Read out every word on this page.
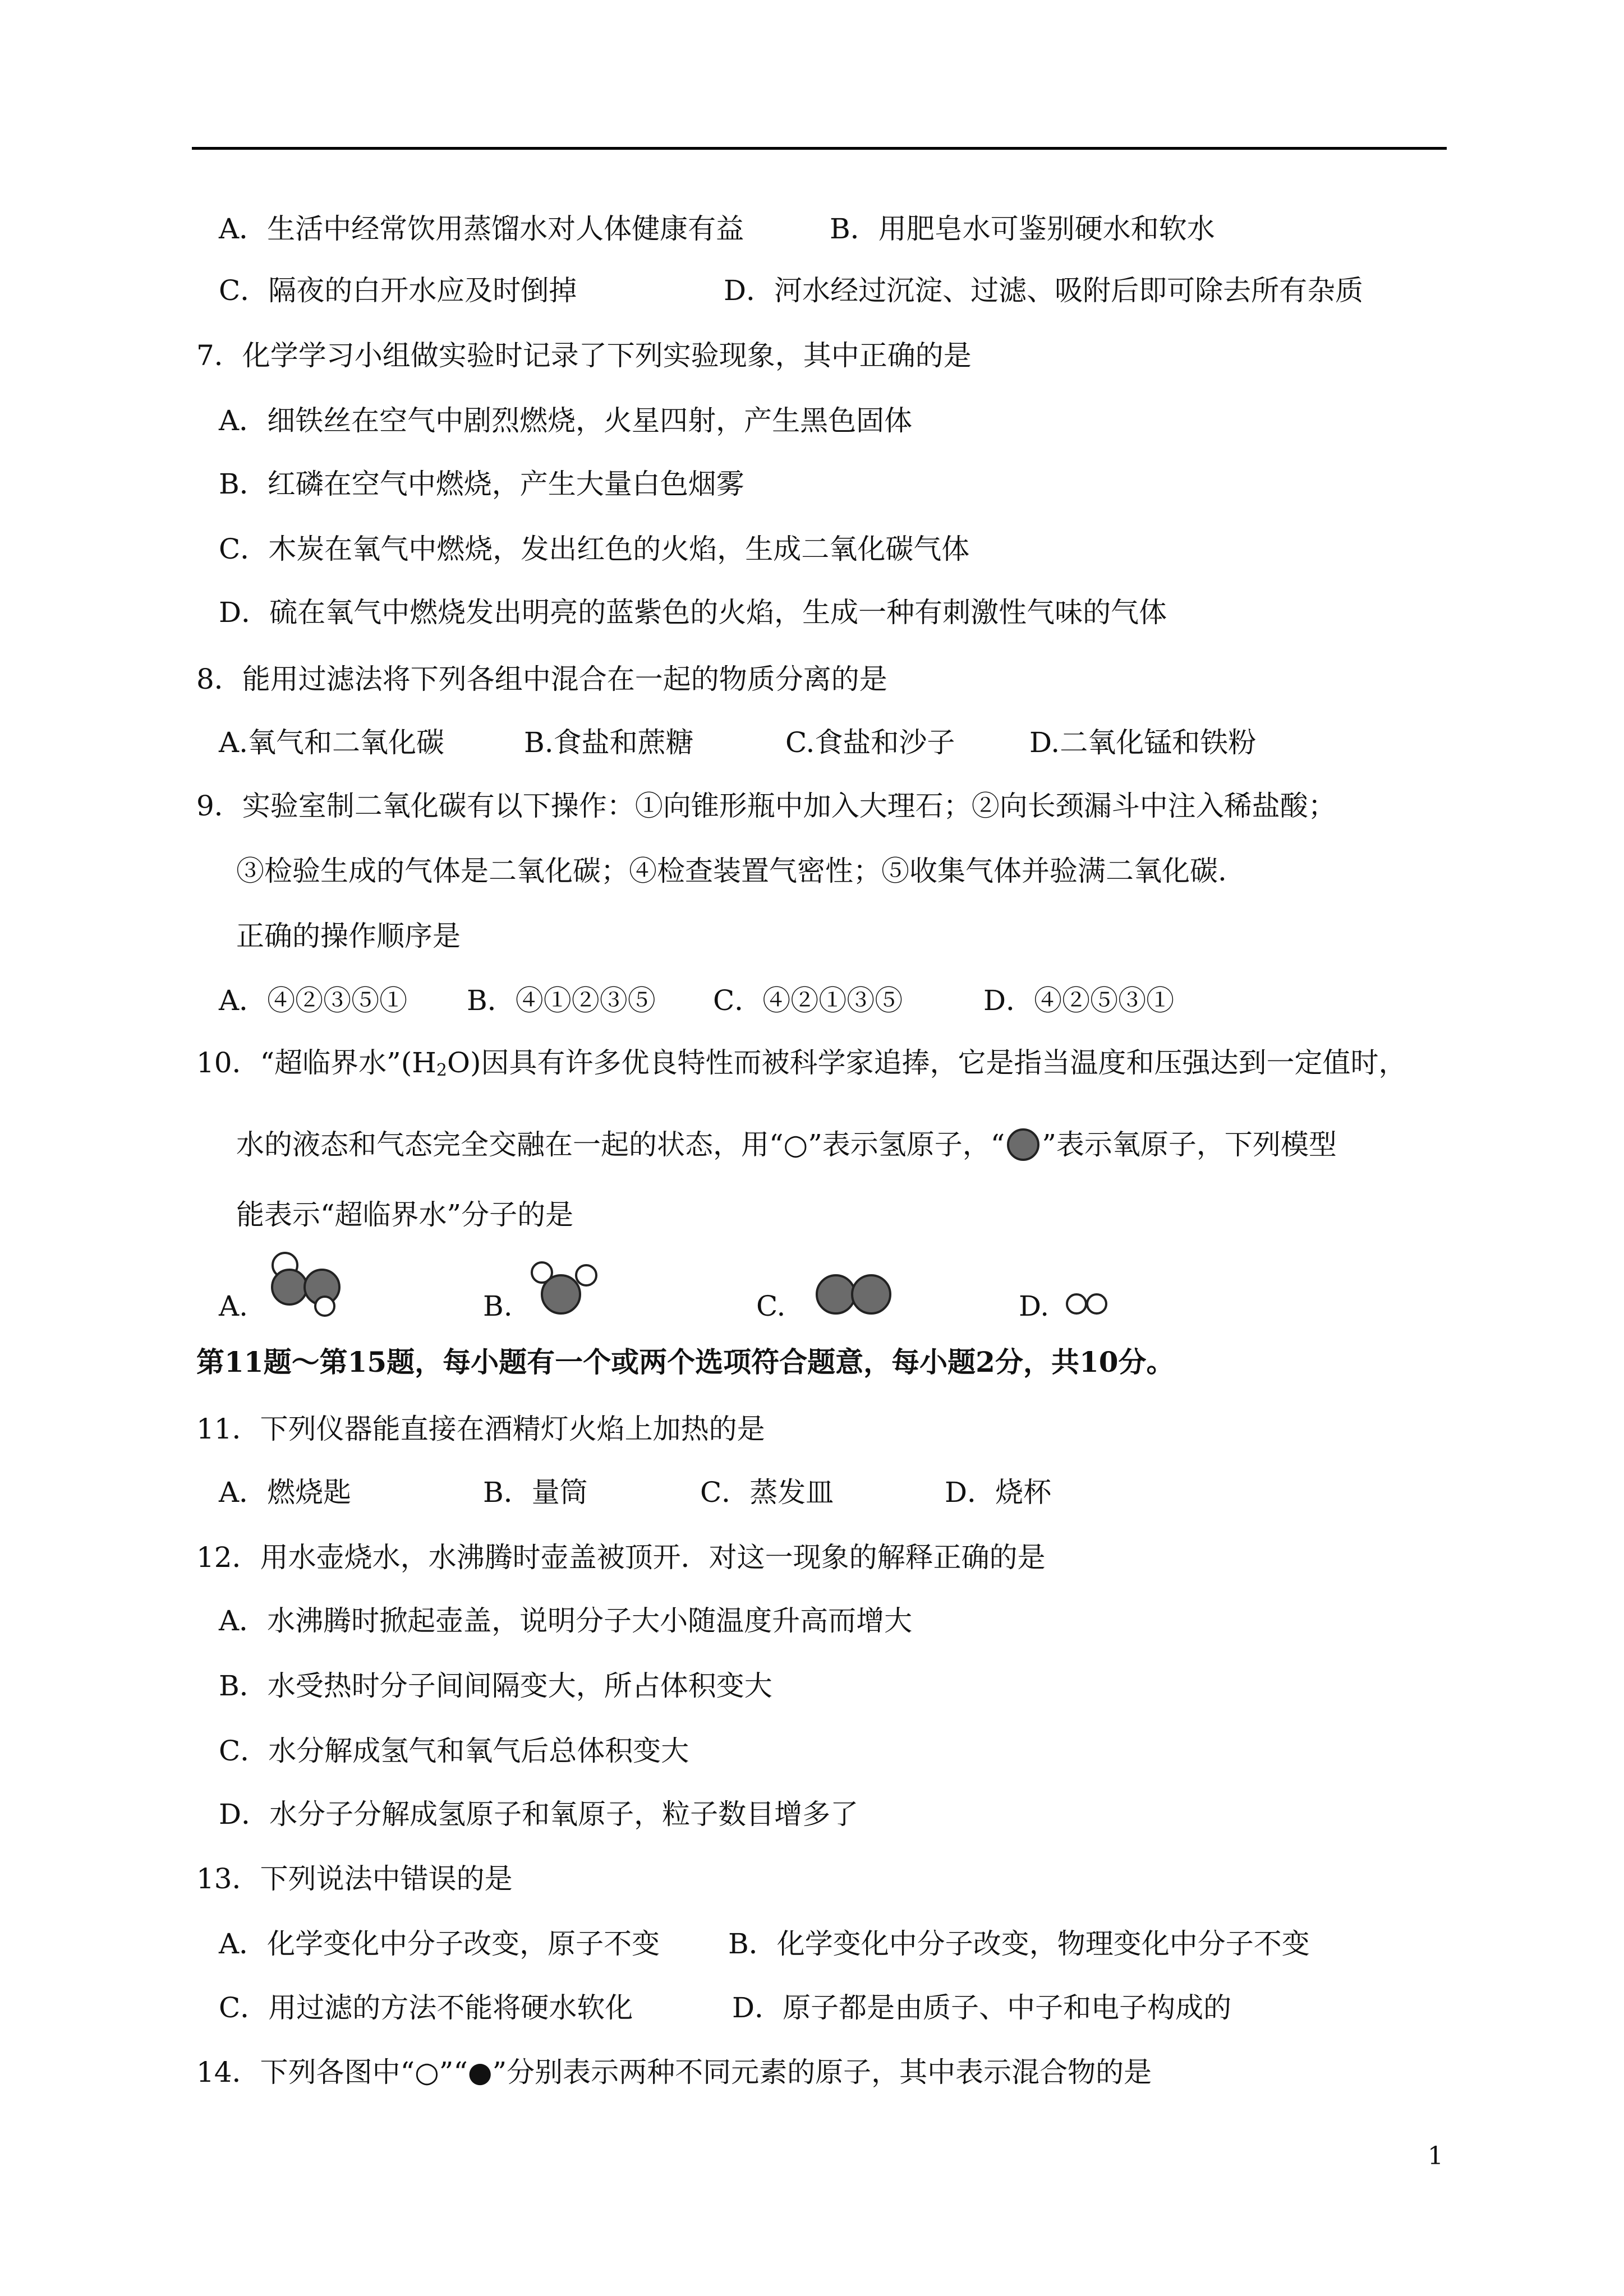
A．生活中经常饮用蒸馏水对人体健康有益	B．用肥皂水可鉴别硬水和软水
C．隔夜的白开水应及时倒掉	D．河水经过沉淀、过滤、吸附后即可除去所有杂质
7．化学学习小组做实验时记录了下列实验现象，其中正确的是
A．细铁丝在空气中剧烈燃烧，火星四射，产生黑色固体
B．红磷在空气中燃烧，产生大量白色烟雾
C．木炭在氧气中燃烧，发出红色的火焰，生成二氧化碳气体
D．硫在氧气中燃烧发出明亮的蓝紫色的火焰，生成一种有刺激性气味的气体
8．能用过滤法将下列各组中混合在一起的物质分离的是
A.氧气和二氧化碳	B.食盐和蔗糖	C.食盐和沙子	D.二氧化锰和铁粉
9．实验室制二氧化碳有以下操作：①向锥形瓶中加入大理石；②向长颈漏斗中注入稀盐酸；
③检验生成的气体是二氧化碳；④检查装置气密性；⑤收集气体并验满二氧化碳.
正确的操作顺序是
A．④②③⑤① B．④①②③⑤ C．④②①③⑤	D．④②⑤③①
10．“超临界水$”(H_2O)$因具有许多优良特性而被科学家追捧，它是指当温度和压强达到一定值时，
水的液态和气态完全交融在一起的状态，用“○”表示氢原子，“ ”表示氧原子，下列模型
能表示“超临界水”分子的是
A.	B.	C.	D.
第11题～第15题，每小题有一个或两个选项符合题意，每小题2分，共10分。
11．下列仪器能直接在酒精灯火焰上加热的是
A．燃烧匙	B．量筒	C．蒸发皿	D．烧杯
12．用水壶烧水，水沸腾时壶盖被顶开．对这一现象的解释正确的是
A．水沸腾时掀起壶盖，说明分子大小随温度升高而增大
B．水受热时分子间间隔变大，所占体积变大
C．水分解成氢气和氧气后总体积变大
D．水分子分解成氢原子和氧原子，粒子数目增多了
13．下列说法中错误的是
A．化学变化中分子改变，原子不变 B．化学变化中分子改变，物理变化中分子不变
C．用过滤的方法不能将硬水软化	D．原子都是由质子、中子和电子构成的
14．下列各图中“○”“●”分别表示两种不同元素的原子，其中表示混合物的是
1
